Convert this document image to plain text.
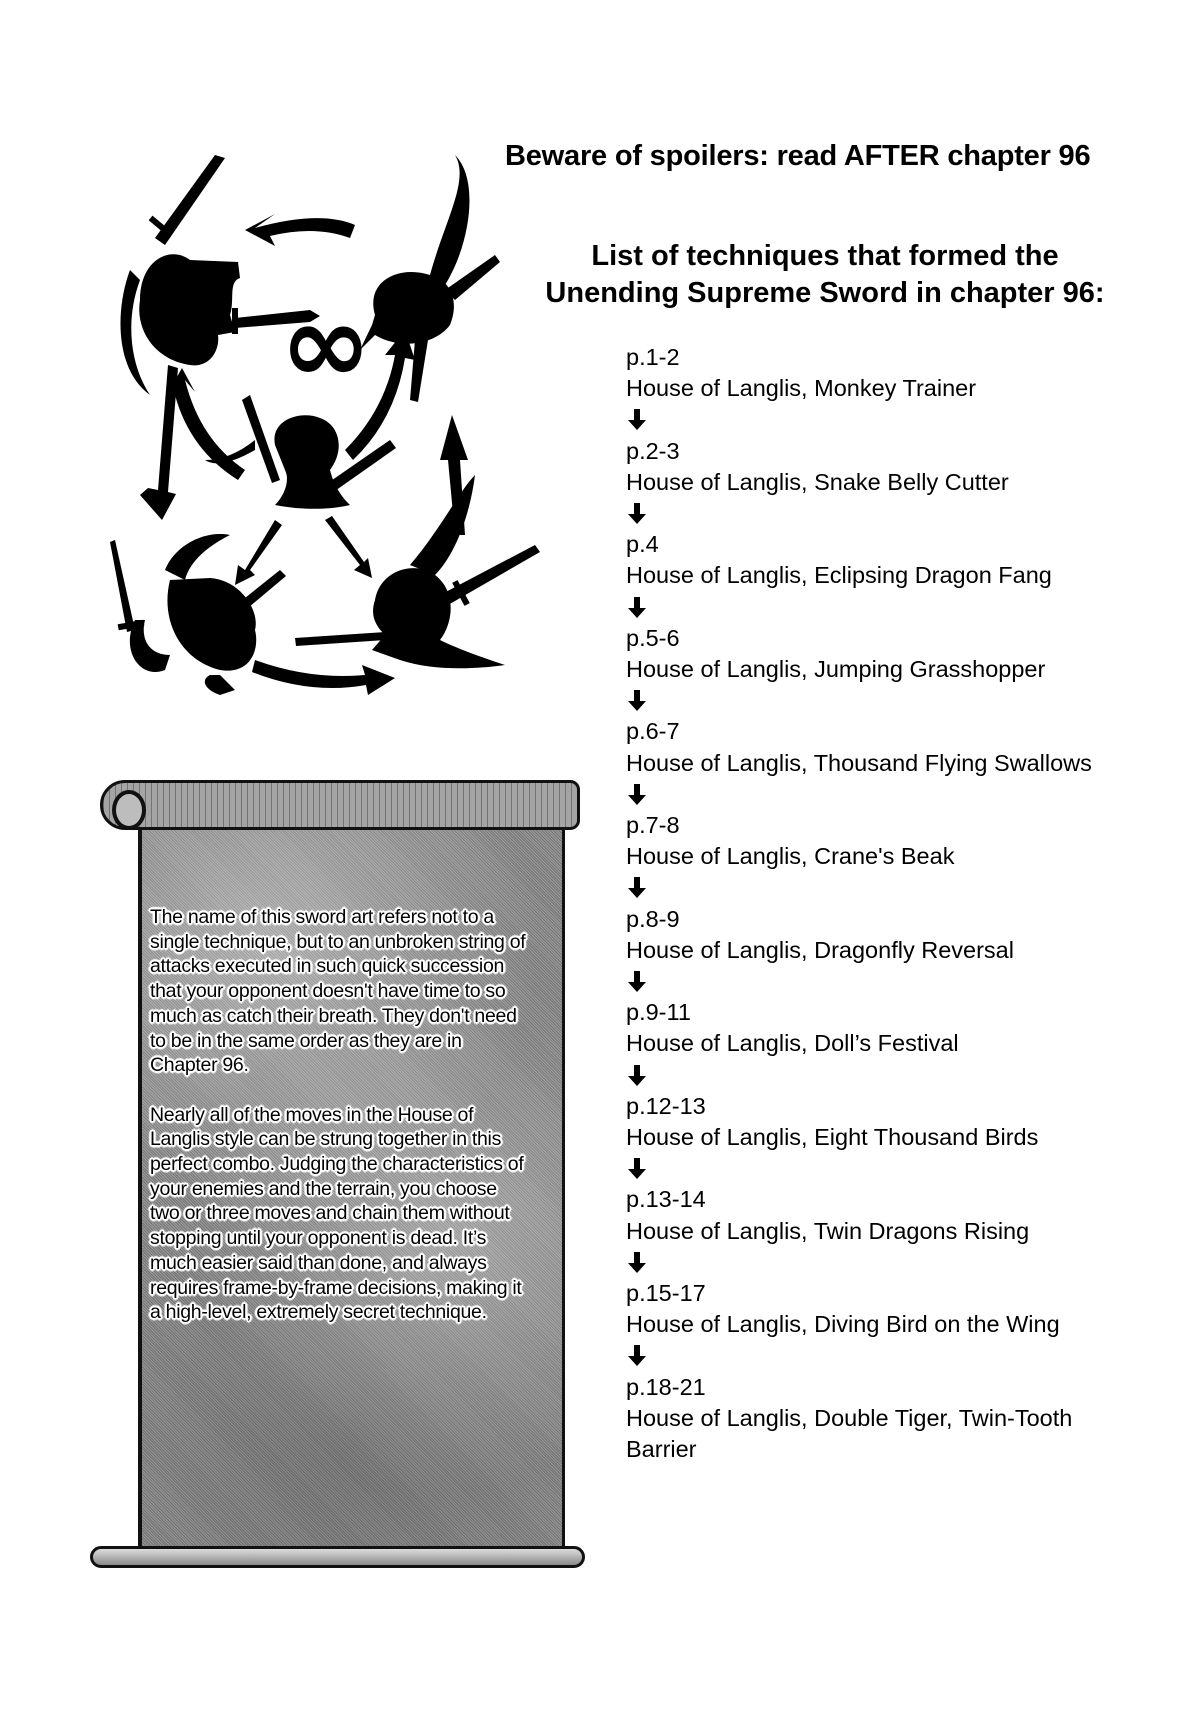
Beware of spoilers: read AFTER chapter 96
List of techniques that formed the
Unending Supreme Sword in chapter 96:
∞

The name of this sword art refers not to a single technique, but to an unbroken string of attacks executed in such quick succession that your opponent doesn't have time to so much as catch their breath. They don't need to be in the same order as they are in Chapter 96.

Nearly all of the moves in the House of Langlis style can be strung together in this perfect combo. Judging the characteristics of your enemies and the terrain, you choose two or three moves and chain them without stopping until your opponent is dead. It’s much easier said than done, and always requires frame-by-frame decisions, making it a high-level, extremely secret technique.

p.1-2
House of Langlis, Monkey Trainer
p.2-3
House of Langlis, Snake Belly Cutter
p.4
House of Langlis, Eclipsing Dragon Fang
p.5-6
House of Langlis, Jumping Grasshopper
p.6-7
House of Langlis, Thousand Flying Swallows
p.7-8
House of Langlis, Crane's Beak
p.8-9
House of Langlis, Dragonfly Reversal
p.9-11
House of Langlis, Doll’s Festival
p.12-13
House of Langlis, Eight Thousand Birds
p.13-14
House of Langlis, Twin Dragons Rising
p.15-17
House of Langlis, Diving Bird on the Wing
p.18-21
House of Langlis, Double Tiger, Twin-Tooth Barrier
